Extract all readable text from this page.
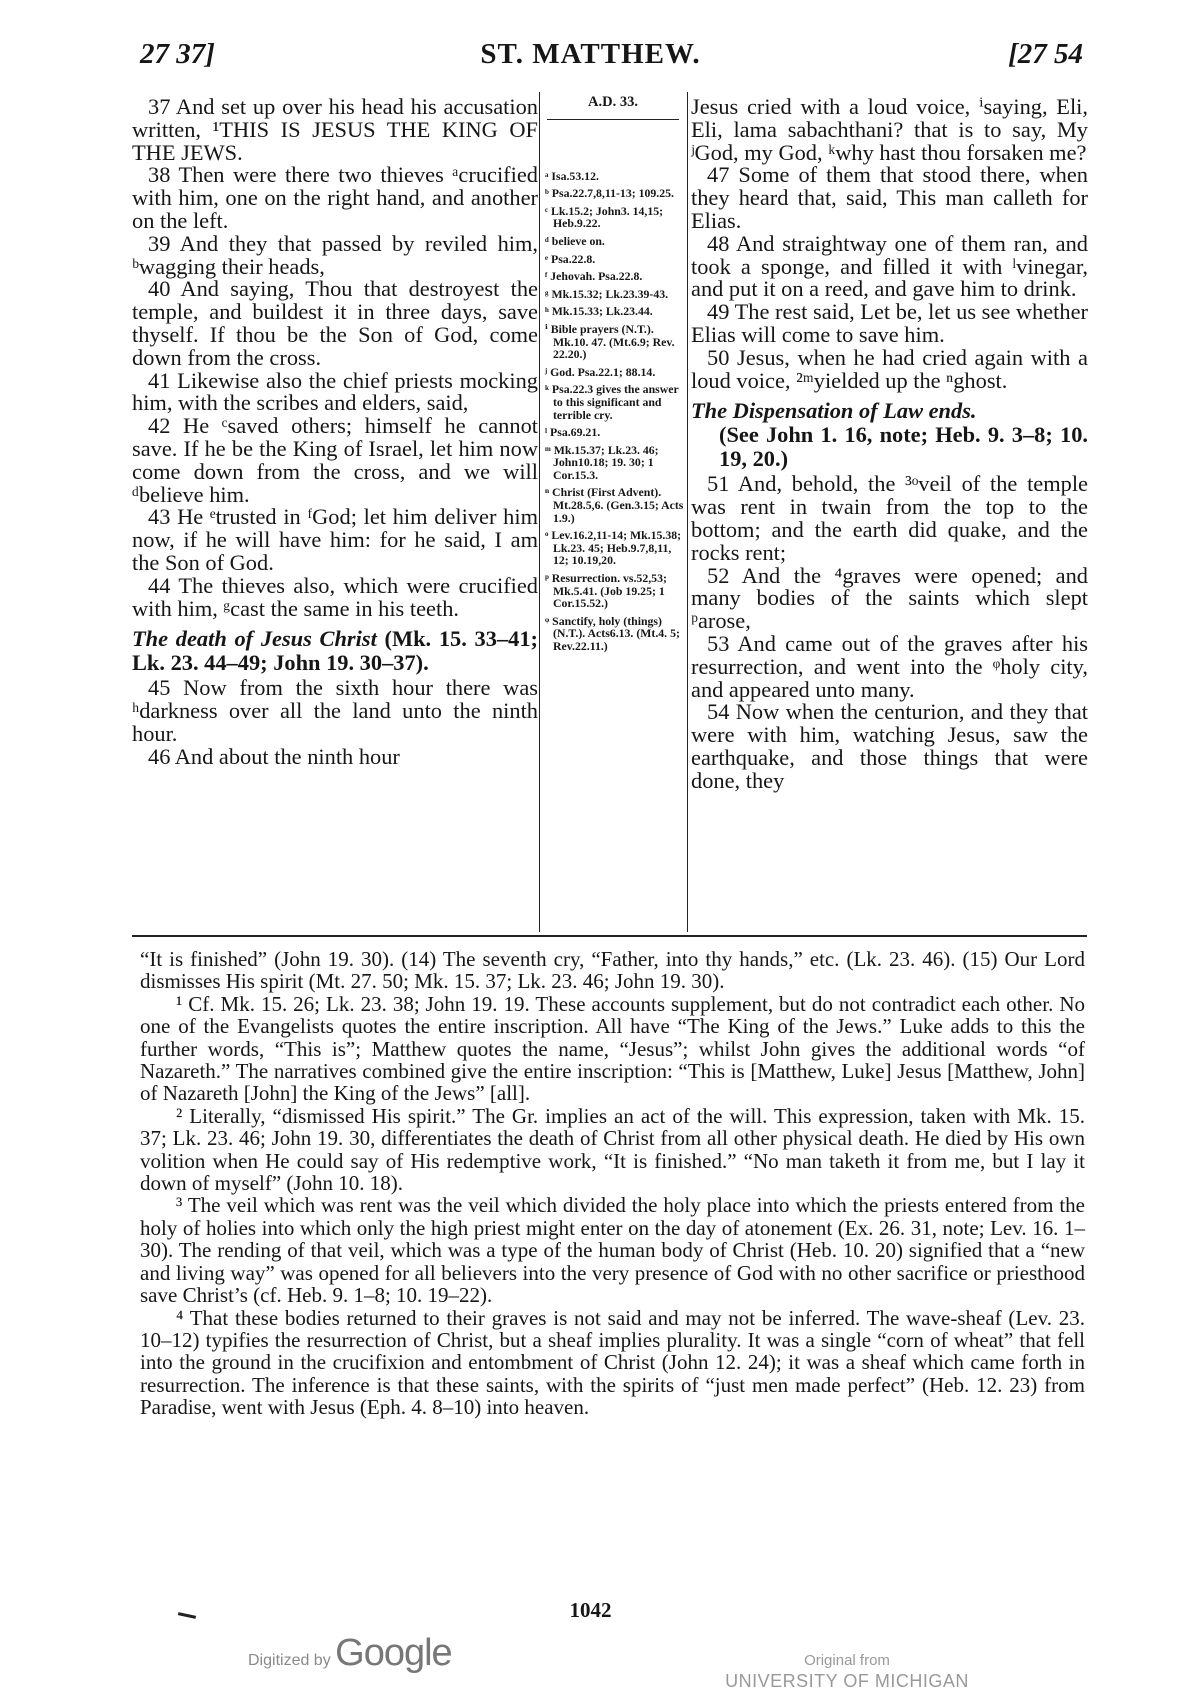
27 37]	ST. MATTHEW.	[27 54

37 And set up over his head his accusation written, ¹THIS IS JESUS THE KING OF THE JEWS.

38 Then were there two thieves ᵃcrucified with him, one on the right hand, and another on the left.

39 And they that passed by reviled him, ᵇwagging their heads,

40 And saying, Thou that destroyest the temple, and buildest it in three days, save thyself. If thou be the Son of God, come down from the cross.

41 Likewise also the chief priests mocking him, with the scribes and elders, said,

42 He ᶜsaved others; himself he cannot save. If he be the King of Israel, let him now come down from the cross, and we will ᵈbelieve him.

43 He ᵉtrusted in ᶠGod; let him deliver him now, if he will have him: for he said, I am the Son of God.

44 The thieves also, which were crucified with him, ᵍcast the same in his teeth.

The death of Jesus Christ (Mk. 15. 33–41; Lk. 23. 44–49; John 19. 30–37).

45 Now from the sixth hour there was ʰdarkness over all the land unto the ninth hour.

46 And about the ninth hour

A.D. 33.

ᵃ Isa.53.12.

ᵇ Psa.22.7,8,11-13; 109.25.

ᶜ Lk.15.2; John3. 14,15; Heb.9.22.

ᵈ believe on.

ᵉ Psa.22.8.

ᶠ Jehovah. Psa.22.8.

ᵍ Mk.15.32; Lk.23.39-43.

ʰ Mk.15.33; Lk.23.44.

ⁱ Bible prayers (N.T.). Mk.10. 47. (Mt.6.9; Rev. 22.20.)

ʲ God. Psa.22.1; 88.14.

ᵏ Psa.22.3 gives the answer to this significant and terrible cry.

ˡ Psa.69.21.

ᵐ Mk.15.37; Lk.23. 46; John10.18; 19. 30; 1 Cor.15.3.

ⁿ Christ (First Advent). Mt.28.5,6. (Gen.3.15; Acts 1.9.)

ᵒ Lev.16.2,11-14; Mk.15.38; Lk.23. 45; Heb.9.7,8,11, 12; 10.19,20.

ᵖ Resurrection. vs.52,53; Mk.5.41. (Job 19.25; 1 Cor.15.52.)

ᵠ Sanctify, holy (things) (N.T.). Acts6.13. (Mt.4. 5; Rev.22.11.)

Jesus cried with a loud voice, ⁱsaying, Eli, Eli, lama sabachthani? that is to say, My ʲGod, my God, ᵏwhy hast thou forsaken me?

47 Some of them that stood there, when they heard that, said, This man calleth for Elias.

48 And straightway one of them ran, and took a sponge, and filled it with ˡvinegar, and put it on a reed, and gave him to drink.

49 The rest said, Let be, let us see whether Elias will come to save him.

50 Jesus, when he had cried again with a loud voice, ²ᵐyielded up the ⁿghost.

The Dispensation of Law ends.
(See John 1. 16, note; Heb. 9. 3–8; 10. 19, 20.)

51 And, behold, the ³ᵒveil of the temple was rent in twain from the top to the bottom; and the earth did quake, and the rocks rent;

52 And the ⁴graves were opened; and many bodies of the saints which slept ᵖarose,

53 And came out of the graves after his resurrection, and went into the ᵠholy city, and appeared unto many.

54 Now when the centurion, and they that were with him, watching Jesus, saw the earthquake, and those things that were done, they

“It is finished” (John 19. 30). (14) The seventh cry, “Father, into thy hands,” etc. (Lk. 23. 46). (15) Our Lord dismisses His spirit (Mt. 27. 50; Mk. 15. 37; Lk. 23. 46; John 19. 30).

¹ Cf. Mk. 15. 26; Lk. 23. 38; John 19. 19. These accounts supplement, but do not contradict each other. No one of the Evangelists quotes the entire inscription. All have “The King of the Jews.” Luke adds to this the further words, “This is”; Matthew quotes the name, “Jesus”; whilst John gives the additional words “of Nazareth.” The narratives combined give the entire inscription: “This is [Matthew, Luke] Jesus [Matthew, John] of Nazareth [John] the King of the Jews” [all].

² Literally, “dismissed His spirit.” The Gr. implies an act of the will. This expression, taken with Mk. 15. 37; Lk. 23. 46; John 19. 30, differentiates the death of Christ from all other physical death. He died by His own volition when He could say of His redemptive work, “It is finished.” “No man taketh it from me, but I lay it down of myself” (John 10. 18).

³ The veil which was rent was the veil which divided the holy place into which the priests entered from the holy of holies into which only the high priest might enter on the day of atonement (Ex. 26. 31, note; Lev. 16. 1–30). The rending of that veil, which was a type of the human body of Christ (Heb. 10. 20) signified that a “new and living way” was opened for all believers into the very presence of God with no other sacrifice or priesthood save Christ’s (cf. Heb. 9. 1–8; 10. 19–22).

⁴ That these bodies returned to their graves is not said and may not be inferred. The wave-sheaf (Lev. 23. 10–12) typifies the resurrection of Christ, but a sheaf implies plurality. It was a single “corn of wheat” that fell into the ground in the crucifixion and entombment of Christ (John 12. 24); it was a sheaf which came forth in resurrection. The inference is that these saints, with the spirits of “just men made perfect” (Heb. 12. 23) from Paradise, went with Jesus (Eph. 4. 8–10) into heaven.

1042
Digitized by Google	Original from
UNIVERSITY OF MICHIGAN
